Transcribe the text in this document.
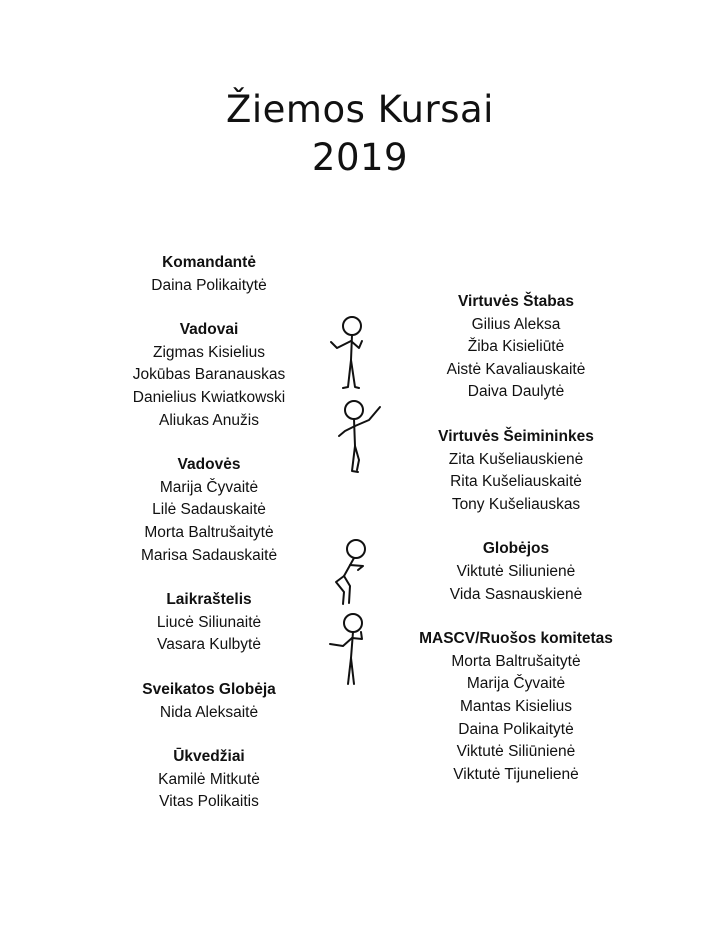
Žiemos Kursai
2019
Komandantė
Daina Polikaitytė
Vadovai
Zigmas Kisielius
Jokūbas Baranauskas
Danielius Kwiatkowski
Aliukas Anužis
Vadovės
Marija Čyvaitė
Lilė Sadauskaitė
Morta Baltrušaitytė
Marisa Sadauskaitė
Laikraštelis
Liucė Siliunaitė
Vasara Kulbytė
Sveikatos Globėja
Nida Aleksaitė
Ūkvedžiai
Kamilė Mitkutė
Vitas Polikaitis
Virtuvės Štabas
Gilius Aleksa
Žiba Kisieliūtė
Aistė Kavaliauskaitė
Daiva Daulytė
Virtuvės Šeimininkes
Zita Kušeliauskienė
Rita Kušeliauskaitė
Tony Kušeliauskas
Globėjos
Viktutė Siliunienė
Vida Sasnauskienė
MASCV/Ruošos komitetas
Morta Baltrušaitytė
Marija Čyvaitė
Mantas Kisielius
Daina Polikaitytė
Viktutė Siliūnienė
Viktutė Tijunelienė
